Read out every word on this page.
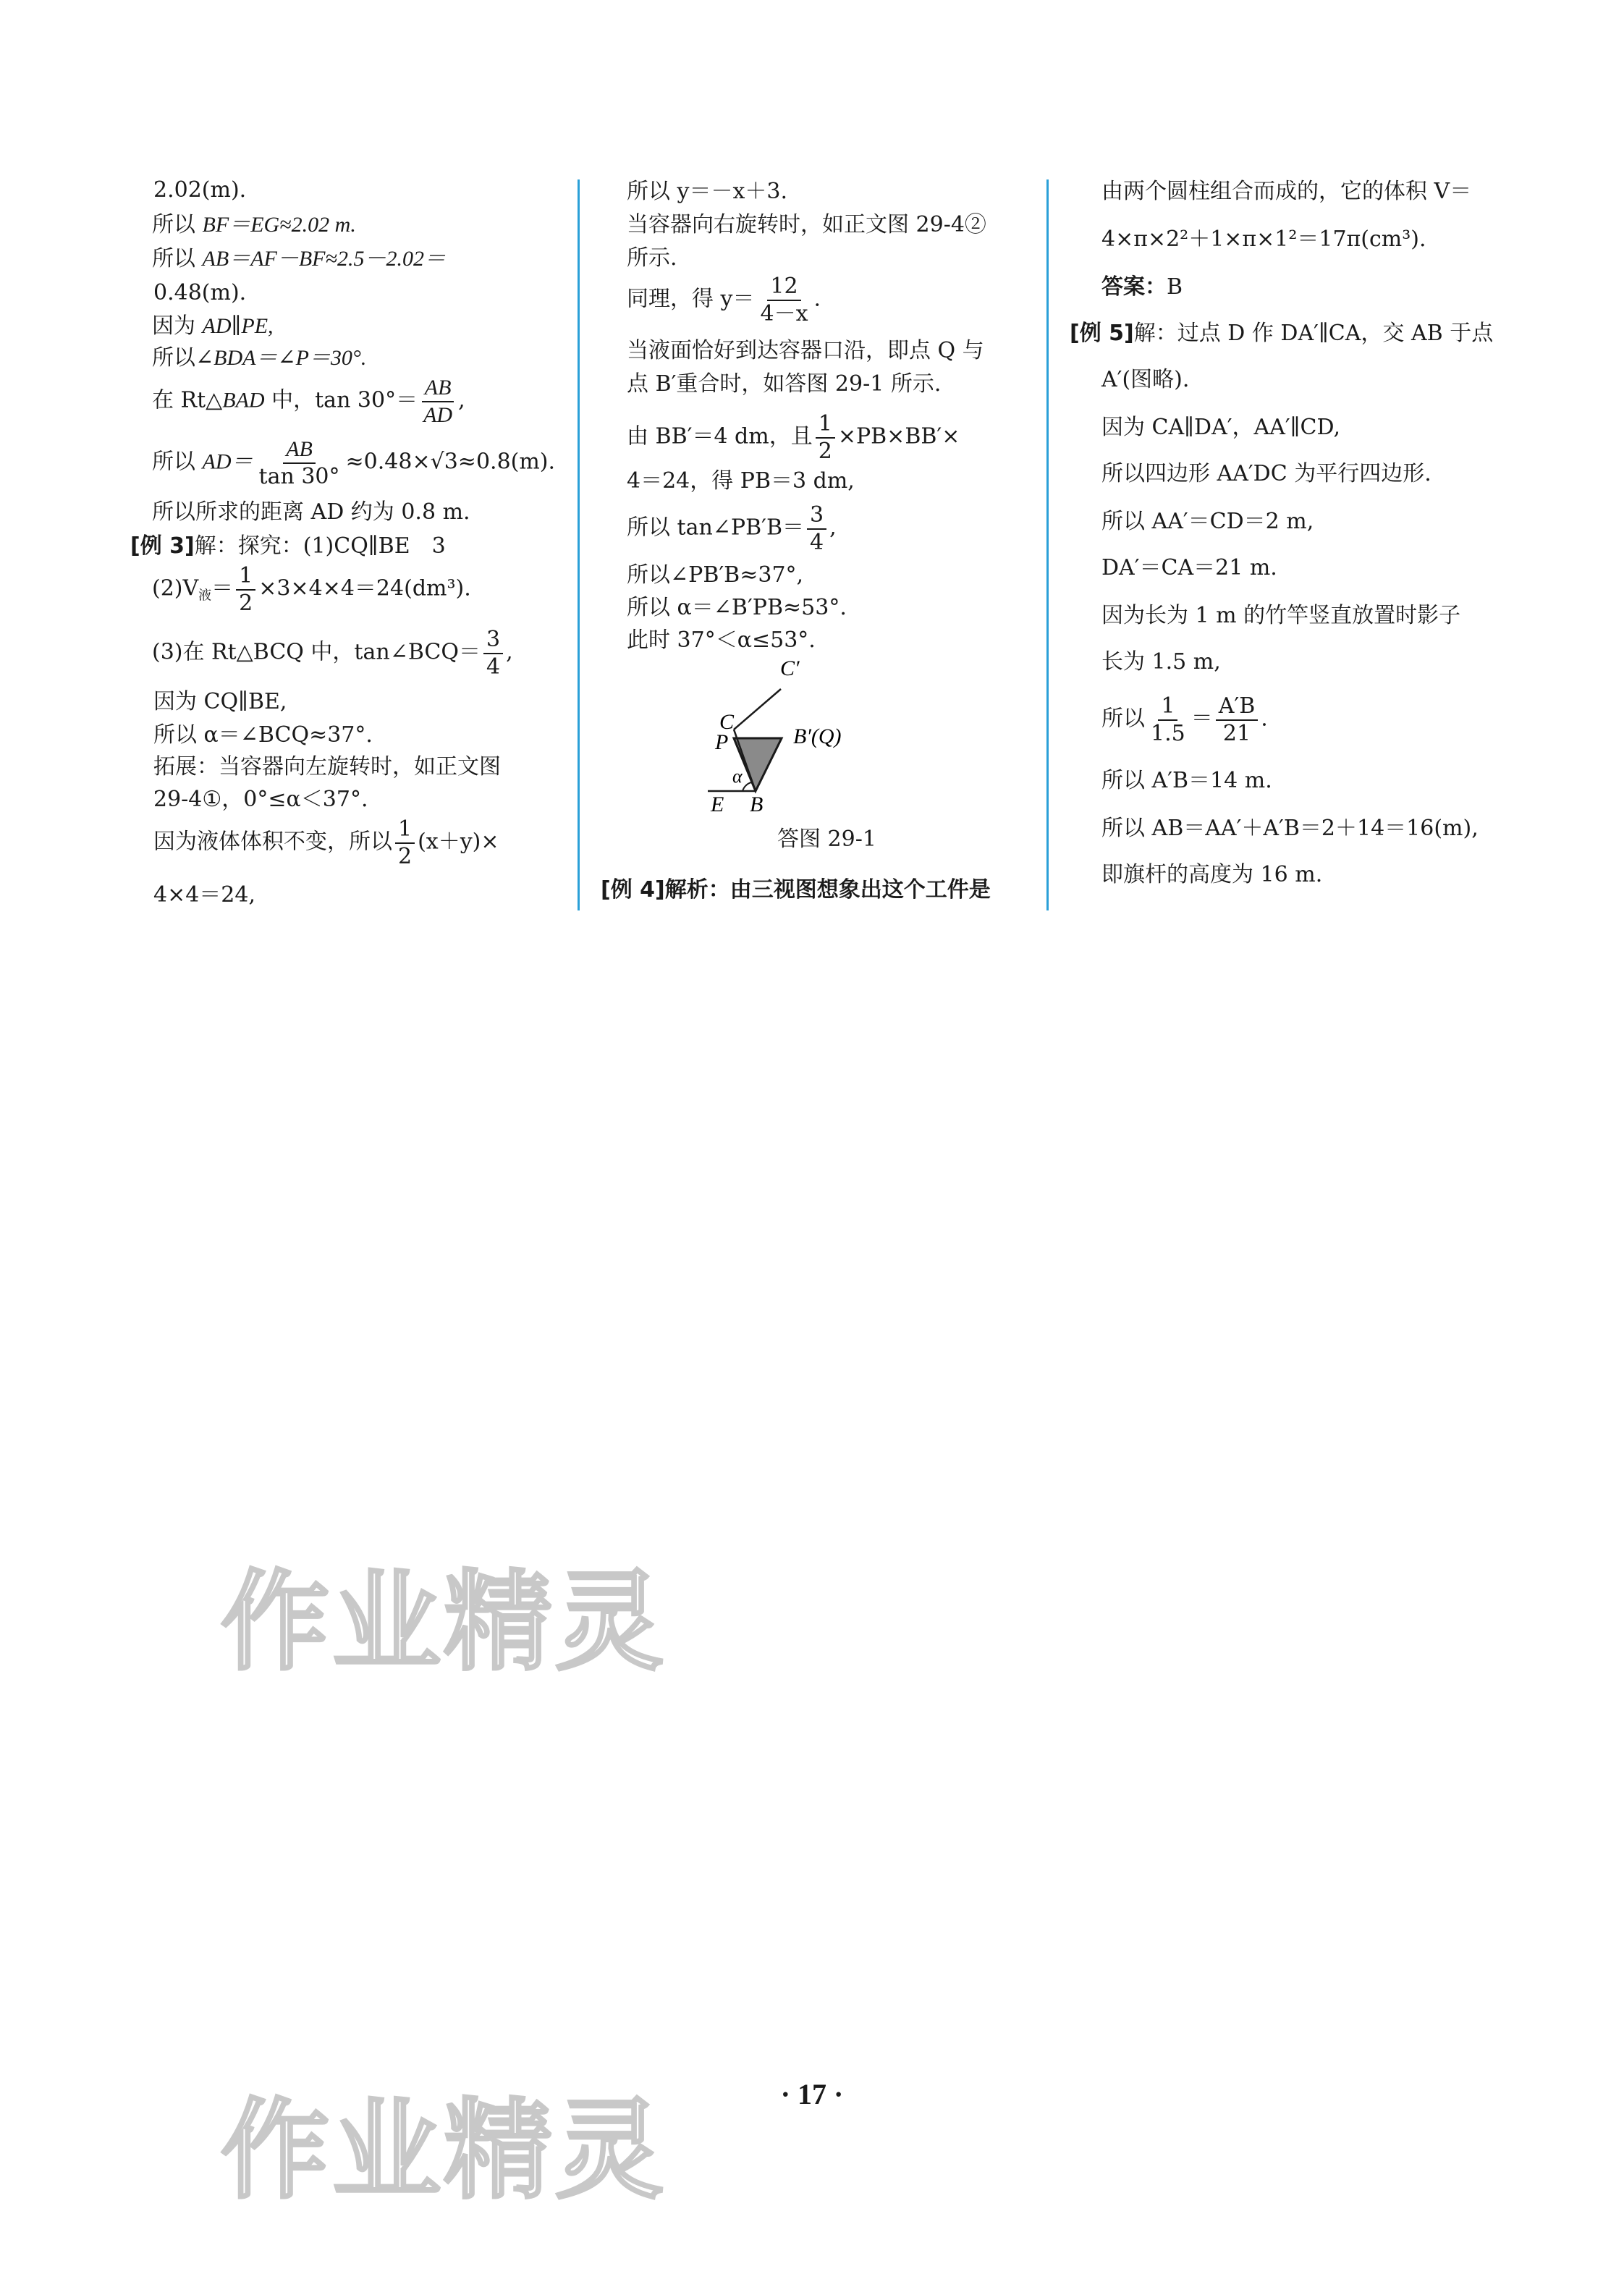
2.02(m).
所以 BF＝EG≈2.02 m.
所以 AB＝AF－BF≈2.5－2.02＝
0.48(m).
因为 AD∥PE,
所以∠BDA＝∠P＝30°.
在 Rt△BAD 中，$\tan 30^\circ= \frac{AB}{AD}$ ,
所以 $AD= \frac{AB}{\tan 30^\circ} \approx 0.48\times√3\approx 0.8(m)$.
所以所求的距离 AD 约为 0.8 m.
[例 3]解：探究：(1)CQ∥BE　3
$(2)V_液= \frac{1}{2} \times 3\times 4\times 4=24(dm^3)$.
(3)在 Rt△BCQ 中，tan∠BCQ＝ $\frac{3}{4}$ ,
因为 CQ∥BE,
所以 α＝∠BCQ≈37°.
拓展：当容器向左旋转时，如正文图
29-4①，0°≤α＜37°.
因为液体体积不变，所以 $\frac{1}{2} (x+y)\times$
4×4＝24,
所以 y＝－x＋3.
当容器向右旋转时，如正文图 29-4②
所示.
同理，得 $y= \frac{12}{4-x}$ .
当液面恰好到达容器口沿，即点 Q 与
点 B′重合时，如答图 29-1 所示.
由 BB′＝4 dm，且 $\frac{1}{2} \times PB\times BB'\times$
4＝24，得 PB＝3 dm,
所以 tan∠PB′B＝ $\frac{3}{4}$ ,
所以∠PB′B≈37°,
所以 α＝∠B′PB≈53°.
此时 37°＜α≤53°.
C′
C
P	B′(Q)
α
E B
答图 29-1
[例 4]解析：由三视图想象出这个工件是
由两个圆柱组合而成的，它的体积 V＝
4×π×2²＋1×π×1²＝17π(cm³).
答案：B
[例 5]解：过点 D 作 DA′∥CA，交 AB 于点
A′(图略).
因为 CA∥DA′，AA′∥CD,
所以四边形 AA′DC 为平行四边形.
所以 AA′＝CD＝2 m,
DA′＝CA＝21 m.
因为长为 1 m 的竹竿竖直放置时影子
长为 1.5 m,
所以 $\frac{1}{1.5} = \frac{A'B}{21}$ .
所以 A′B＝14 m.
所以 AB＝AA′＋A′B＝2＋14＝16(m),
即旗杆的高度为 16 m.
作业精灵
· 17 ·
作业精灵
